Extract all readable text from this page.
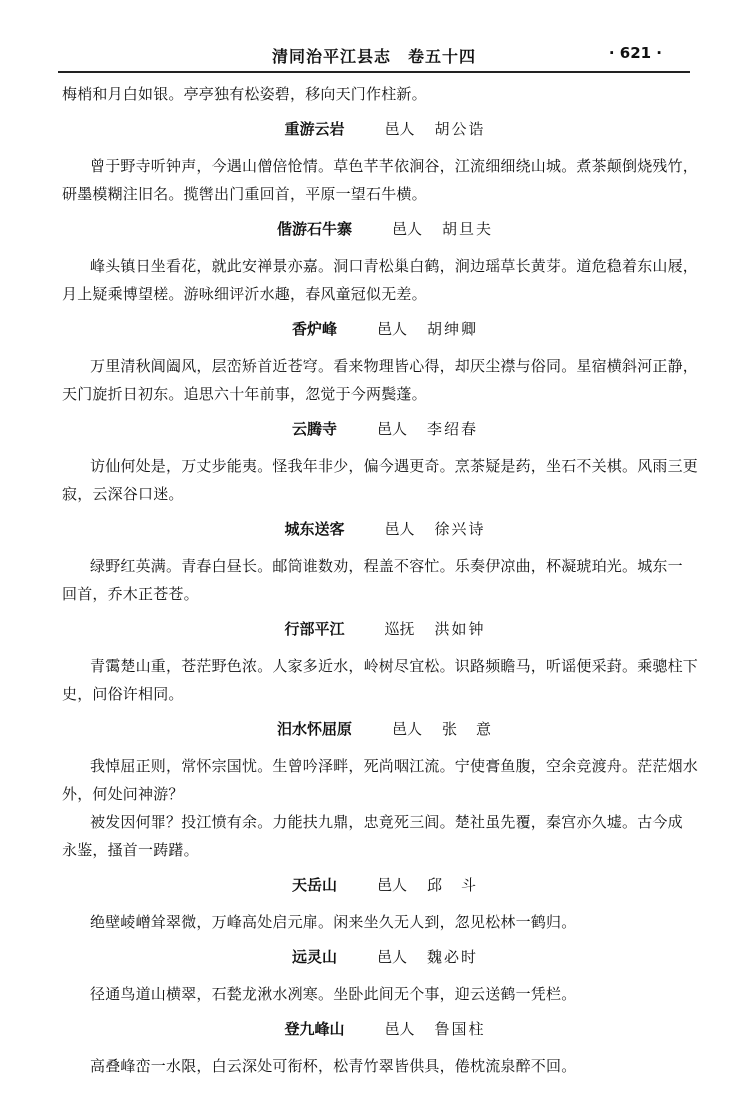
清同治平江县志　卷五十四	· 621 ·
梅梢和月白如银。亭亭独有松姿碧，移向天门作柱新。
重游云岩	邑人 胡公诰
曾于野寺听钟声，今遇山僧倍怆情。草色芊芊依涧谷，江流细细绕山城。煮茶颠倒烧残竹，
研墨模糊注旧名。揽辔出门重回首，平原一望石牛横。
偕游石牛寨	邑人 胡旦夫
峰头镇日坐看花，就此安禅景亦嘉。洞口青松巢白鹤，涧边瑶草长黄芽。道危稳着东山屐，
月上疑乘博望槎。游咏细评沂水趣，春风童冠似无差。
香炉峰	邑人 胡绅卿
万里清秋阊阖风，层峦矫首近苍穹。看来物理皆心得，却厌尘襟与俗同。星宿横斜河正静，
天门旋折日初东。追思六十年前事，忽觉于今两鬓蓬。
云腾寺	邑人 李绍春
访仙何处是，万丈步能夷。怪我年非少，偏今遇更奇。烹茶疑是药，坐石不关棋。风雨三更
寂，云深谷口迷。
城东送客	邑人 徐兴诗
绿野红英满。青春白昼长。邮筒谁数劝，程盖不容忙。乐奏伊凉曲，杯凝琥珀光。城东一
回首，乔木正苍苍。
行部平江	巡抚 洪如钟
青霭楚山重，苍茫野色浓。人家多近水，岭树尽宜松。识路频瞻马，听谣便采葑。乘骢柱下
史，问俗许相同。
汨水怀屈原	邑人 张　意
我悼屈正则，常怀宗国忧。生曾吟泽畔，死尚咽江流。宁使膏鱼腹，空余竞渡舟。茫茫烟水
外，何处问神游？
被发因何罪？投江愤有余。力能扶九鼎，忠竟死三闾。楚社虽先覆，秦宫亦久墟。古今成
永鉴，搔首一踌躇。
天岳山	邑人 邱　斗
绝壁崚嶒耸翠微，万峰高处启元扉。闲来坐久无人到，忽见松林一鹤归。
远灵山	邑人 魏必时
径通鸟道山横翠，石甃龙湫水冽寒。坐卧此间无个事，迎云送鹤一凭栏。
登九峰山	邑人 鲁国柱
高叠峰峦一水限，白云深处可衔杯，松青竹翠皆供具，倦枕流泉醉不回。
